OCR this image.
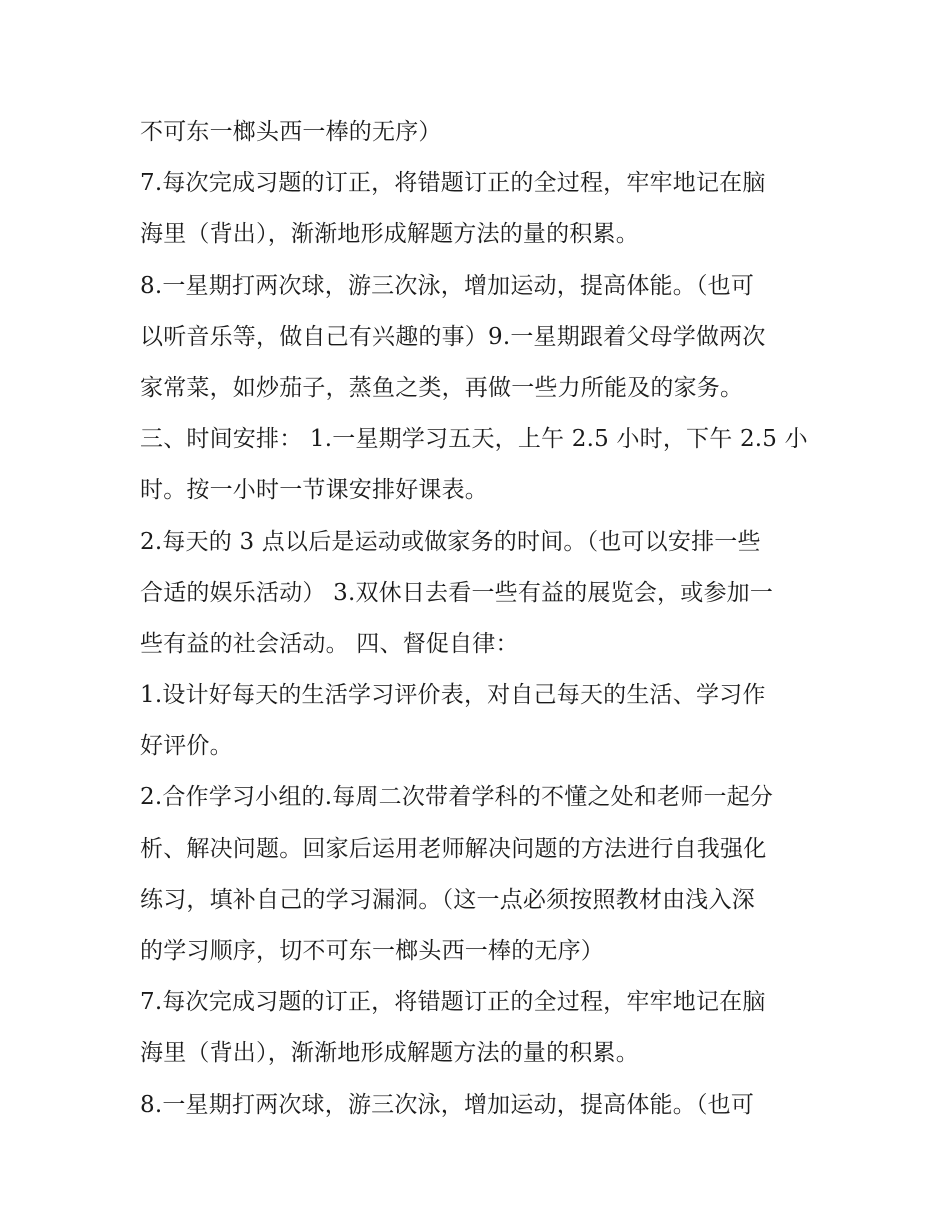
不可东一榔头西一棒的无序）
7.每次完成习题的订正，将错题订正的全过程，牢牢地记在脑
海里（背出），渐渐地形成解题方法的量的积累。
8.一星期打两次球，游三次泳，增加运动，提高体能。（也可
以听音乐等，做自己有兴趣的事）9.一星期跟着父母学做两次
家常菜，如炒茄子，蒸鱼之类，再做一些力所能及的家务。
三、时间安排： 1.一星期学习五天，上午 2.5 小时，下午 2.5 小
时。按一小时一节课安排好课表。
2.每天的 3 点以后是运动或做家务的时间。（也可以安排一些
合适的娱乐活动） 3.双休日去看一些有益的展览会，或参加一
些有益的社会活动。 四、督促自律：
1.设计好每天的生活学习评价表，对自己每天的生活、学习作
好评价。
2.合作学习小组的.每周二次带着学科的不懂之处和老师一起分
析、解决问题。回家后运用老师解决问题的方法进行自我强化
练习，填补自己的学习漏洞。（这一点必须按照教材由浅入深
的学习顺序，切不可东一榔头西一棒的无序）
7.每次完成习题的订正，将错题订正的全过程，牢牢地记在脑
海里（背出），渐渐地形成解题方法的量的积累。
8.一星期打两次球，游三次泳，增加运动，提高体能。（也可
